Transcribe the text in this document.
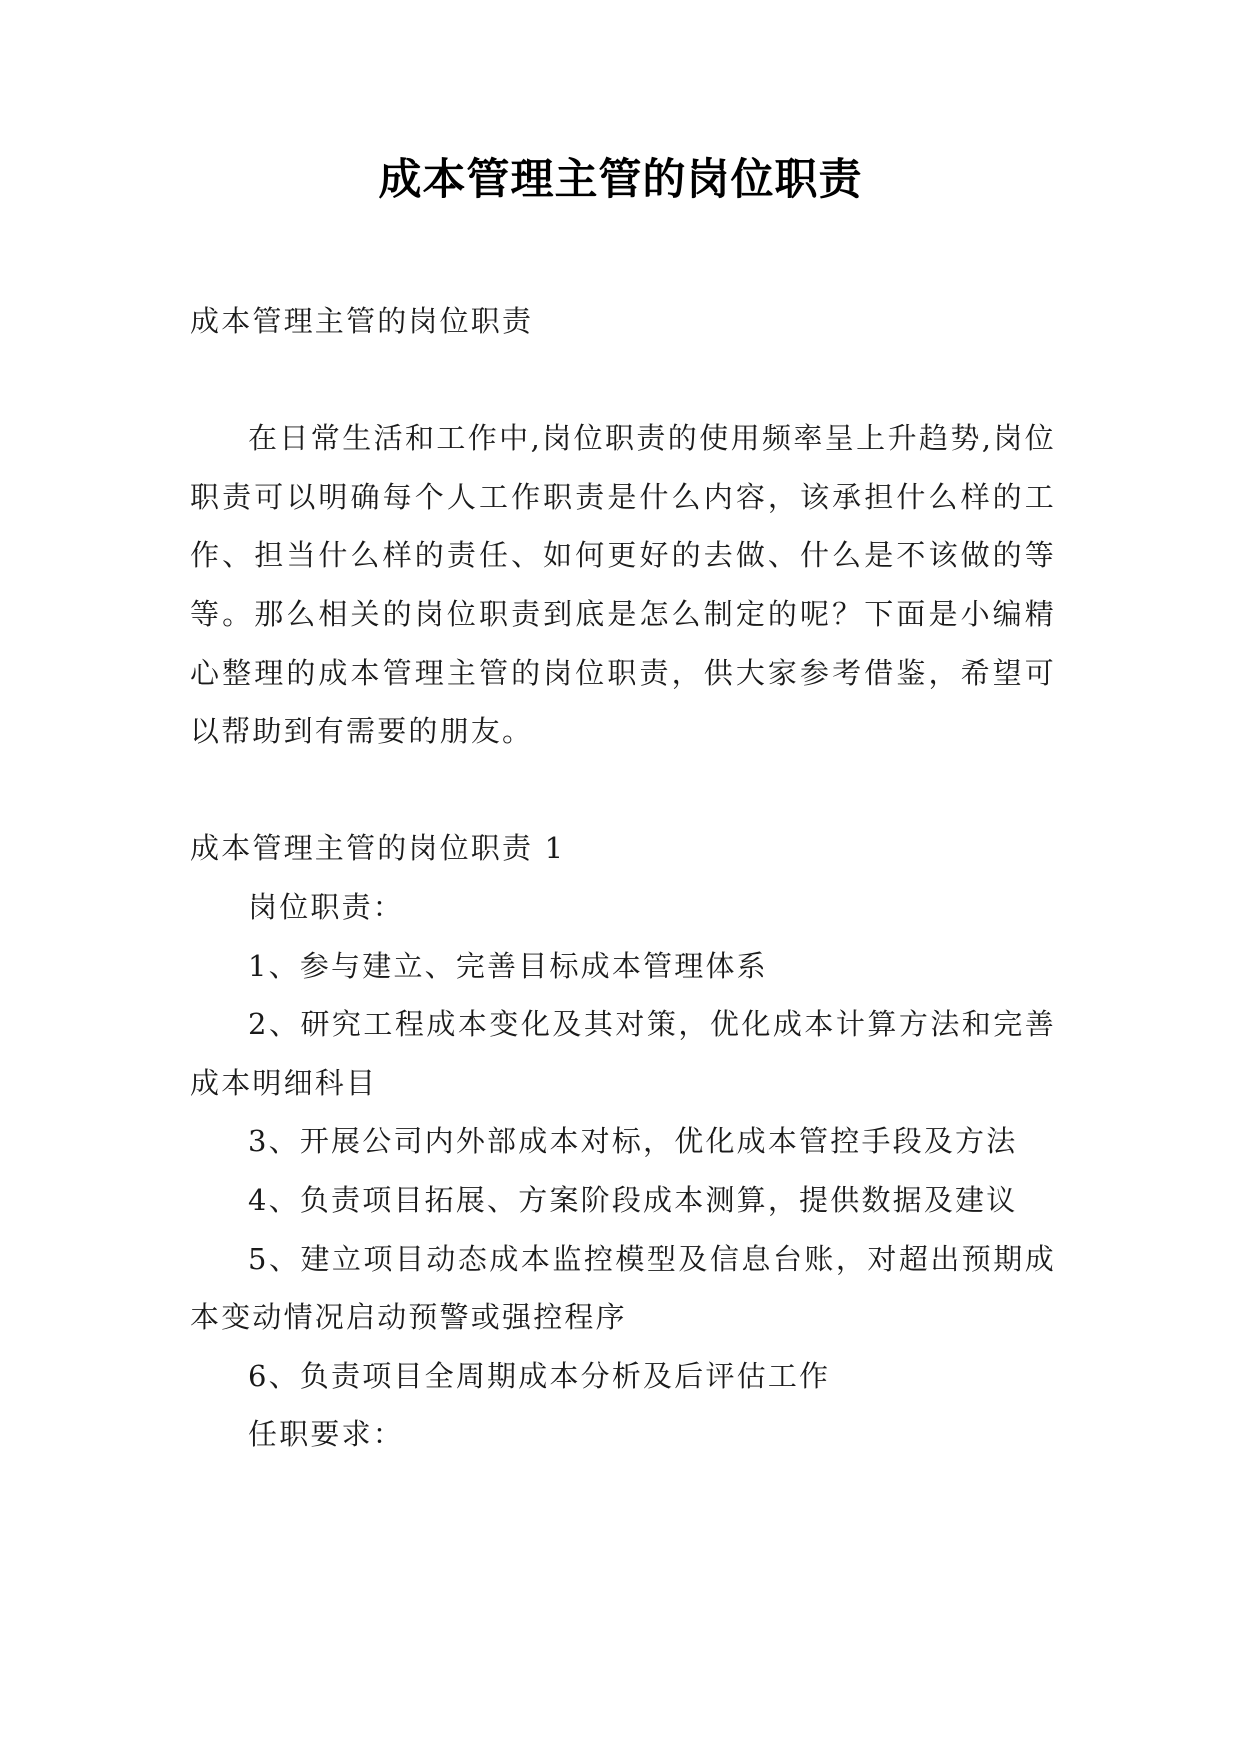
成本管理主管的岗位职责

成本管理主管的岗位职责

在日常生活和工作中,岗位职责的使用频率呈上升趋势,岗位职责可以明确每个人工作职责是什么内容，该承担什么样的工作、担当什么样的责任、如何更好的去做、什么是不该做的等等。那么相关的岗位职责到底是怎么制定的呢？下面是小编精心整理的成本管理主管的岗位职责，供大家参考借鉴，希望可以帮助到有需要的朋友。

成本管理主管的岗位职责 1

岗位职责：

1、参与建立、完善目标成本管理体系

2、研究工程成本变化及其对策，优化成本计算方法和完善成本明细科目

3、开展公司内外部成本对标，优化成本管控手段及方法

4、负责项目拓展、方案阶段成本测算，提供数据及建议

5、建立项目动态成本监控模型及信息台账，对超出预期成本变动情况启动预警或强控程序

6、负责项目全周期成本分析及后评估工作

任职要求：
